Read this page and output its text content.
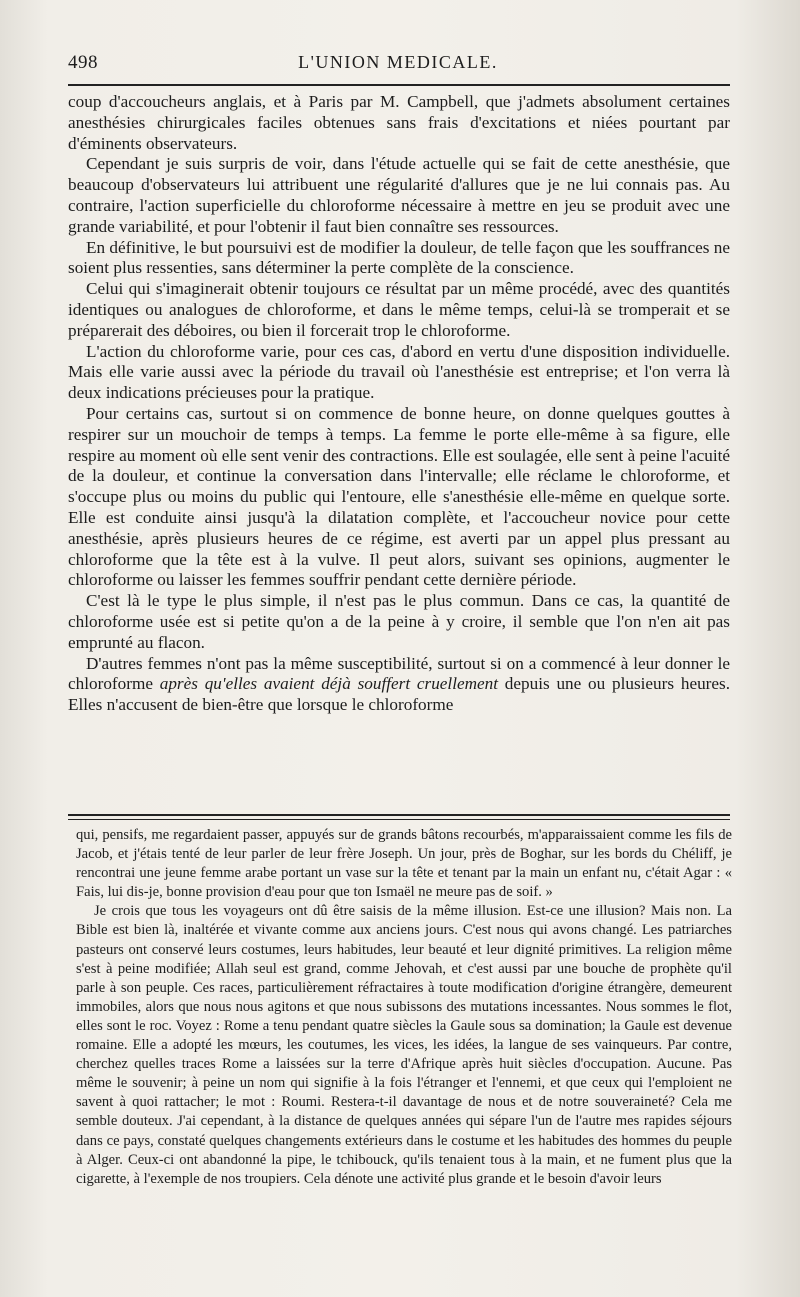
498	L'UNION MEDICALE.

coup d'accoucheurs anglais, et à Paris par M. Campbell, que j'admets absolument certaines anesthésies chirurgicales faciles obtenues sans frais d'excitations et niées pourtant par d'éminents observateurs.

Cependant je suis surpris de voir, dans l'étude actuelle qui se fait de cette anesthésie, que beaucoup d'observateurs lui attribuent une régularité d'allures que je ne lui connais pas. Au contraire, l'action superficielle du chloroforme nécessaire à mettre en jeu se produit avec une grande variabilité, et pour l'obtenir il faut bien connaître ses ressources.

En définitive, le but poursuivi est de modifier la douleur, de telle façon que les souffrances ne soient plus ressenties, sans déterminer la perte complète de la conscience.

Celui qui s'imaginerait obtenir toujours ce résultat par un même procédé, avec des quantités identiques ou analogues de chloroforme, et dans le même temps, celui-là se tromperait et se préparerait des déboires, ou bien il forcerait trop le chloroforme.

L'action du chloroforme varie, pour ces cas, d'abord en vertu d'une disposition individuelle. Mais elle varie aussi avec la période du travail où l'anesthésie est entreprise; et l'on verra là deux indications précieuses pour la pratique.

Pour certains cas, surtout si on commence de bonne heure, on donne quelques gouttes à respirer sur un mouchoir de temps à temps. La femme le porte elle-même à sa figure, elle respire au moment où elle sent venir des contractions. Elle est soulagée, elle sent à peine l'acuité de la douleur, et continue la conversation dans l'intervalle; elle réclame le chloroforme, et s'occupe plus ou moins du public qui l'entoure, elle s'anesthésie elle-même en quelque sorte. Elle est conduite ainsi jusqu'à la dilatation complète, et l'accoucheur novice pour cette anesthésie, après plusieurs heures de ce régime, est averti par un appel plus pressant au chloroforme que la tête est à la vulve. Il peut alors, suivant ses opinions, augmenter le chloroforme ou laisser les femmes souffrir pendant cette dernière période.

C'est là le type le plus simple, il n'est pas le plus commun. Dans ce cas, la quantité de chloroforme usée est si petite qu'on a de la peine à y croire, il semble que l'on n'en ait pas emprunté au flacon.

D'autres femmes n'ont pas la même susceptibilité, surtout si on a commencé à leur donner le chloroforme après qu'elles avaient déjà souffert cruellement depuis une ou plusieurs heures. Elles n'accusent de bien-être que lorsque le chloroforme

qui, pensifs, me regardaient passer, appuyés sur de grands bâtons recourbés, m'apparaissaient comme les fils de Jacob, et j'étais tenté de leur parler de leur frère Joseph. Un jour, près de Boghar, sur les bords du Chéliff, je rencontrai une jeune femme arabe portant un vase sur la tête et tenant par la main un enfant nu, c'était Agar : « Fais, lui dis-je, bonne provision d'eau pour que ton Ismaël ne meure pas de soif. »

Je crois que tous les voyageurs ont dû être saisis de la même illusion. Est-ce une illusion? Mais non. La Bible est bien là, inaltérée et vivante comme aux anciens jours. C'est nous qui avons changé. Les patriarches pasteurs ont conservé leurs costumes, leurs habitudes, leur beauté et leur dignité primitives. La religion même s'est à peine modifiée; Allah seul est grand, comme Jehovah, et c'est aussi par une bouche de prophète qu'il parle à son peuple. Ces races, particulièrement réfractaires à toute modification d'origine étrangère, demeurent immobiles, alors que nous nous agitons et que nous subissons des mutations incessantes. Nous sommes le flot, elles sont le roc. Voyez : Rome a tenu pendant quatre siècles la Gaule sous sa domination; la Gaule est devenue romaine. Elle a adopté les mœurs, les coutumes, les vices, les idées, la langue de ses vainqueurs. Par contre, cherchez quelles traces Rome a laissées sur la terre d'Afrique après huit siècles d'occupation. Aucune. Pas même le souvenir; à peine un nom qui signifie à la fois l'étranger et l'ennemi, et que ceux qui l'emploient ne savent à quoi rattacher; le mot : Roumi. Restera-t-il davantage de nous et de notre souveraineté? Cela me semble douteux. J'ai cependant, à la distance de quelques années qui sépare l'un de l'autre mes rapides séjours dans ce pays, constaté quelques changements extérieurs dans le costume et les habitudes des hommes du peuple à Alger. Ceux-ci ont abandonné la pipe, le tchibouck, qu'ils tenaient tous à la main, et ne fument plus que la cigarette, à l'exemple de nos troupiers. Cela dénote une activité plus grande et le besoin d'avoir leurs
